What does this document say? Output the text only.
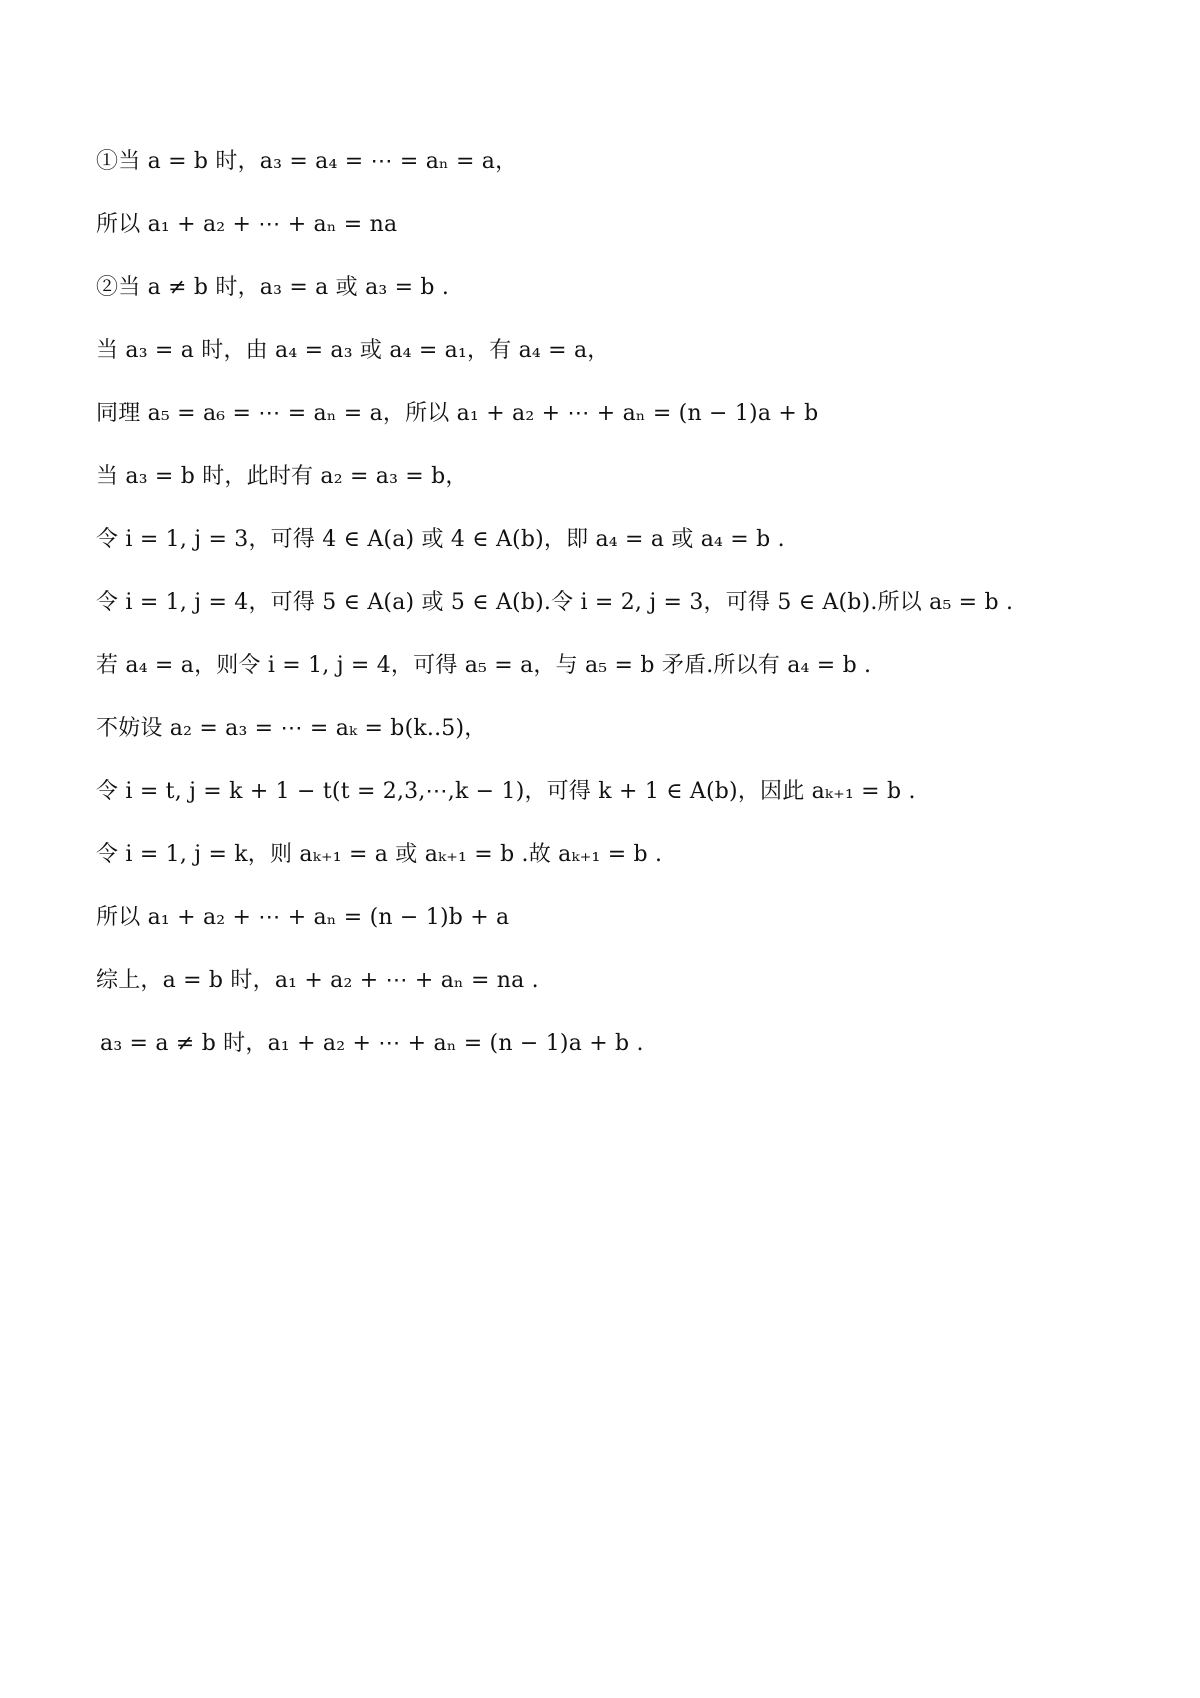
①当 a = b 时，a₃ = a₄ = ⋯ = aₙ = a，
所以 a₁ + a₂ + ⋯ + aₙ = na
②当 a ≠ b 时，a₃ = a 或 a₃ = b .
当 a₃ = a 时，由 a₄ = a₃ 或 a₄ = a₁，有 a₄ = a，
同理 a₅ = a₆ = ⋯ = aₙ = a，所以 a₁ + a₂ + ⋯ + aₙ = (n − 1)a + b
当 a₃ = b 时，此时有 a₂ = a₃ = b，
令 i = 1, j = 3，可得 4 ∈ A(a) 或 4 ∈ A(b)，即 a₄ = a 或 a₄ = b .
令 i = 1, j = 4，可得 5 ∈ A(a) 或 5 ∈ A(b).令 i = 2, j = 3，可得 5 ∈ A(b).所以 a₅ = b .
若 a₄ = a，则令 i = 1, j = 4，可得 a₅ = a，与 a₅ = b 矛盾.所以有 a₄ = b .
不妨设 a₂ = a₃ = ⋯ = aₖ = b(k..5)，
令 i = t, j = k + 1 − t(t = 2,3,⋯,k − 1)，可得 k + 1 ∈ A(b)，因此 aₖ₊₁ = b .
令 i = 1, j = k，则 aₖ₊₁ = a 或 aₖ₊₁ = b .故 aₖ₊₁ = b .
所以 a₁ + a₂ + ⋯ + aₙ = (n − 1)b + a
综上，a = b 时，a₁ + a₂ + ⋯ + aₙ = na .
a₃ = a ≠ b 时，a₁ + a₂ + ⋯ + aₙ = (n − 1)a + b .
